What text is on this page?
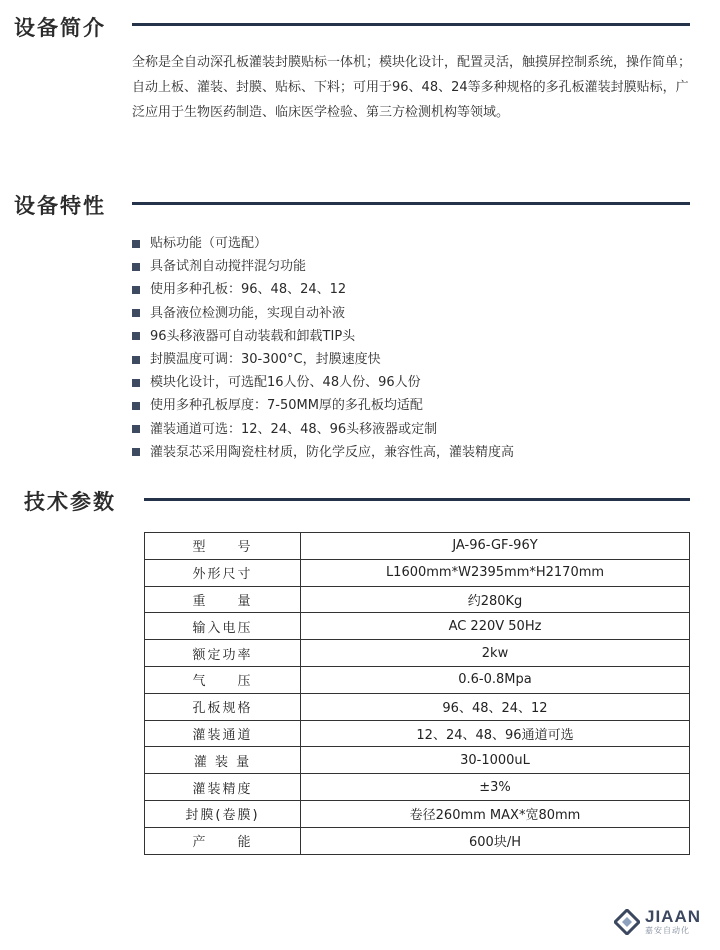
设备简介
全称是全自动深孔板灌装封膜贴标一体机；模块化设计，配置灵活，触摸屏控制系统，操作简单；自动上板、灌装、封膜、贴标、下料；可用于96、48、24等多种规格的多孔板灌装封膜贴标，广泛应用于生物医药制造、临床医学检验、第三方检测机构等领域。
设备特性
贴标功能（可选配）
具备试剂自动搅拌混匀功能
使用多种孔板：96、48、24、12
具备液位检测功能，实现自动补液
96头移液器可自动装载和卸载TIP头
封膜温度可调：30-300°C，封膜速度快
模块化设计，可选配16人份、48人份、96人份
使用多种孔板厚度：7-50MM厚的多孔板均适配
灌装通道可选：12、24、48、96头移液器或定制
灌装泵芯采用陶瓷柱材质，防化学反应，兼容性高，灌装精度高
技术参数
型　　号	JA-96-GF-96Y
外形尺寸	L1600mm*W2395mm*H2170mm
重　　量	约280Kg
输入电压	AC 220V 50Hz
额定功率	2kw
气　　压	0.6-0.8Mpa
孔板规格	96、48、24、12
灌装通道	12、24、48、96通道可选
灌 装 量	30-1000uL
灌装精度	±3%
封膜(卷膜)	卷径260mm MAX*宽80mm
产　　能	600块/H
JIAAN
嘉安自动化
